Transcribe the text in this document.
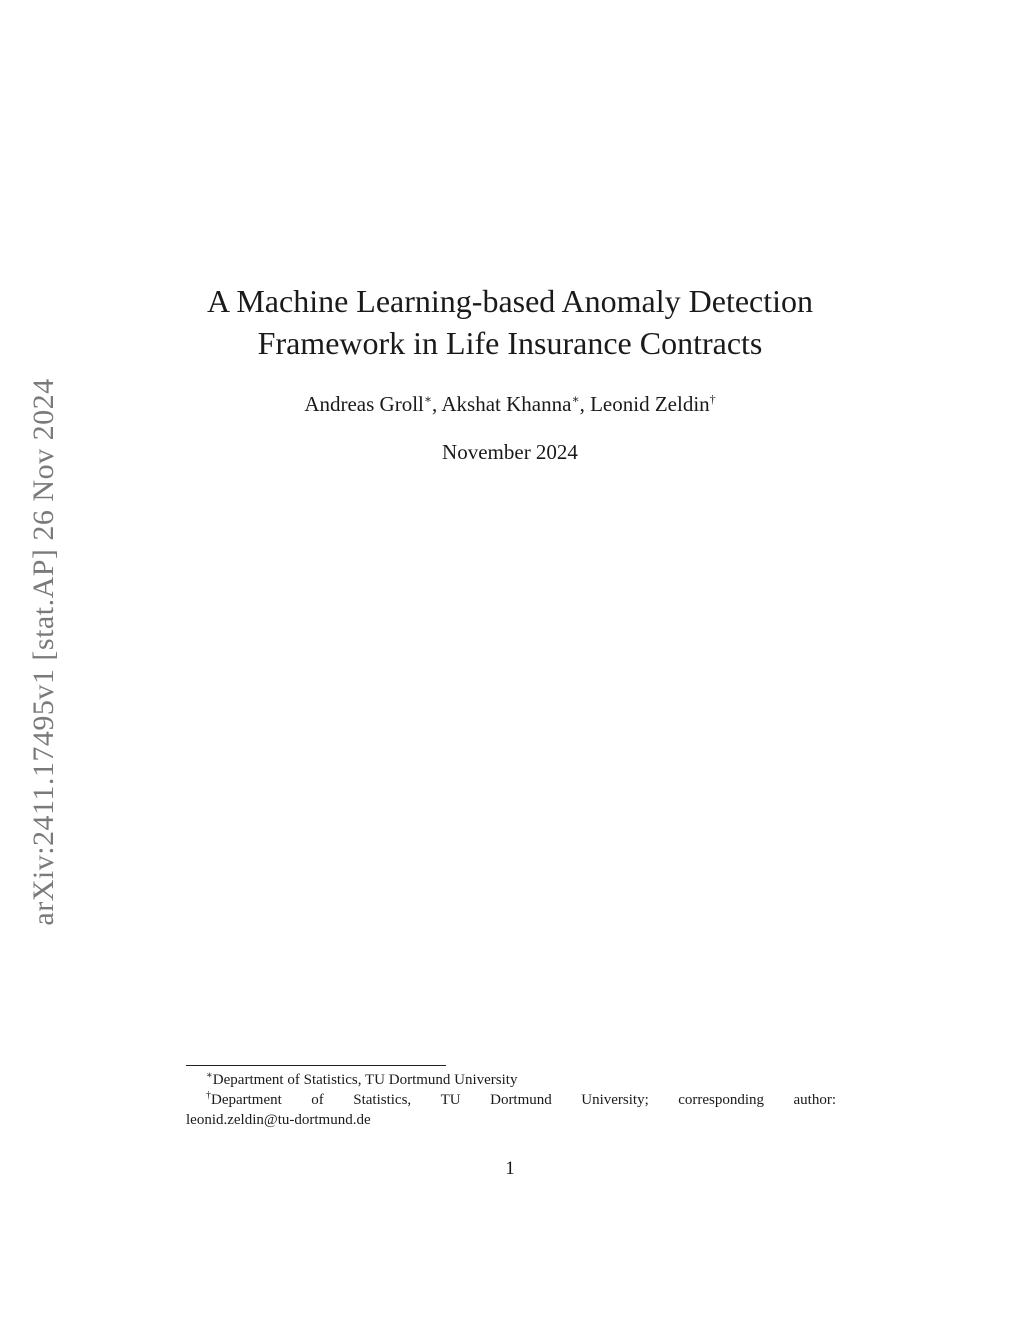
arXiv:2411.17495v1 [stat.AP] 26 Nov 2024
A Machine Learning-based Anomaly Detection
Framework in Life Insurance Contracts
Andreas Groll∗, Akshat Khanna∗, Leonid Zeldin†
November 2024
∗Department of Statistics, TU Dortmund University
†Department of Statistics, TU Dortmund University; corresponding author:
leonid.zeldin@tu-dortmund.de
1
